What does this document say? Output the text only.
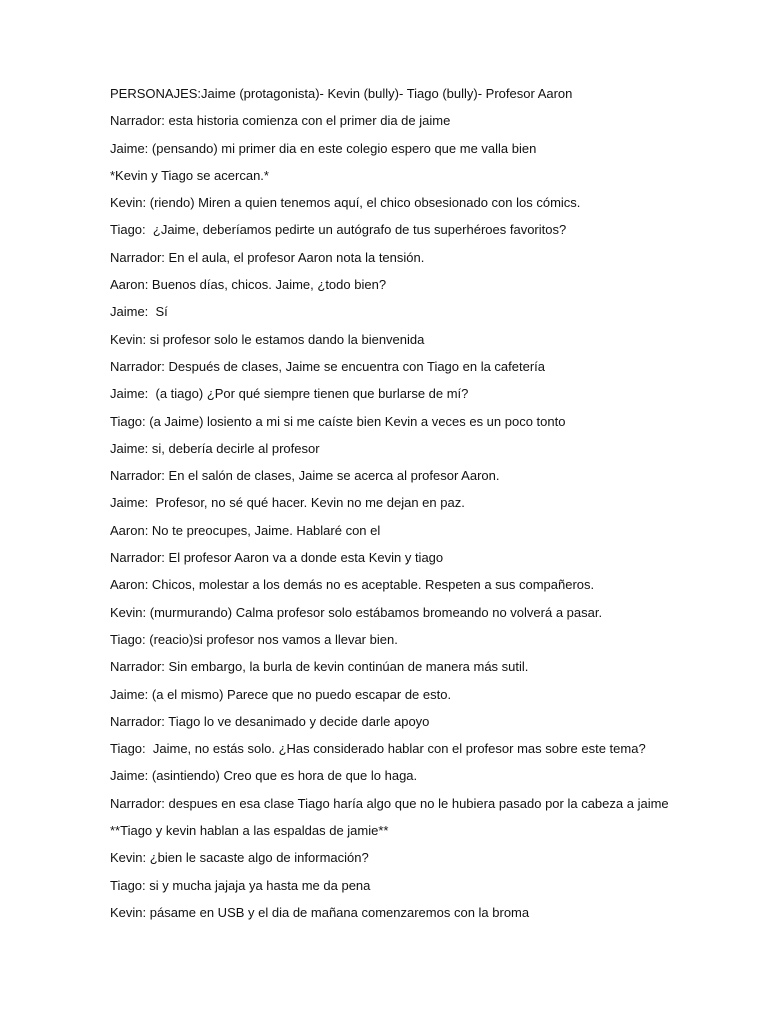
PERSONAJES:Jaime (protagonista)- Kevin (bully)- Tiago (bully)- Profesor Aaron
Narrador: esta historia comienza con el primer dia de jaime
Jaime: (pensando) mi primer dia en este colegio espero que me valla bien
*Kevin y Tiago se acercan.*
Kevin: (riendo) Miren a quien tenemos aquí, el chico obsesionado con los cómics.
Tiago:  ¿Jaime, deberíamos pedirte un autógrafo de tus superhéroes favoritos?
Narrador: En el aula, el profesor Aaron nota la tensión.
Aaron: Buenos días, chicos. Jaime, ¿todo bien?
Jaime:  Sí
Kevin: si profesor solo le estamos dando la bienvenida
Narrador: Después de clases, Jaime se encuentra con Tiago en la cafetería
Jaime:  (a tiago) ¿Por qué siempre tienen que burlarse de mí?
Tiago: (a Jaime) losiento a mi si me caíste bien Kevin a veces es un poco tonto
Jaime: si, debería decirle al profesor
Narrador: En el salón de clases, Jaime se acerca al profesor Aaron.
Jaime:  Profesor, no sé qué hacer. Kevin no me dejan en paz.
Aaron: No te preocupes, Jaime. Hablaré con el
Narrador: El profesor Aaron va a donde esta Kevin y tiago
Aaron: Chicos, molestar a los demás no es aceptable. Respeten a sus compañeros.
Kevin: (murmurando) Calma profesor solo estábamos bromeando no volverá a pasar.
Tiago: (reacio)si profesor nos vamos a llevar bien.
Narrador: Sin embargo, la burla de kevin continúan de manera más sutil.
Jaime: (a el mismo) Parece que no puedo escapar de esto.
Narrador: Tiago lo ve desanimado y decide darle apoyo
Tiago:  Jaime, no estás solo. ¿Has considerado hablar con el profesor mas sobre este tema?
Jaime: (asintiendo) Creo que es hora de que lo haga.
Narrador: despues en esa clase Tiago haría algo que no le hubiera pasado por la cabeza a jaime
**Tiago y kevin hablan a las espaldas de jamie**
Kevin: ¿bien le sacaste algo de información?
Tiago: si y mucha jajaja ya hasta me da pena
Kevin: pásame en USB y el dia de mañana comenzaremos con la broma
